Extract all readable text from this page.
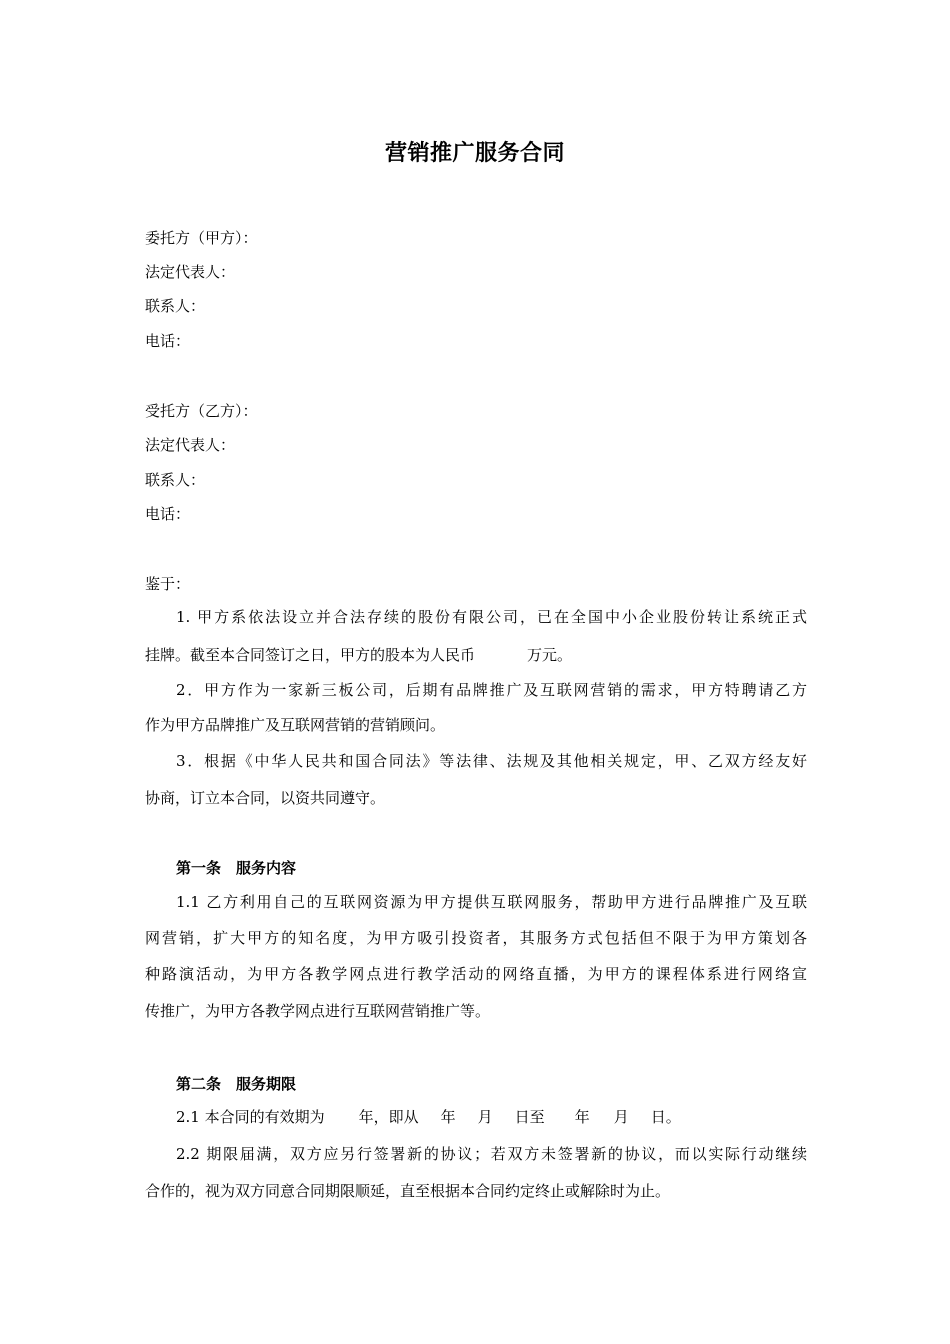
营销推广服务合同
委托方（甲方）：
法定代表人：
联系人：
电话：
受托方（乙方）：
法定代表人：
联系人：
电话：
鉴于：
1. 甲方系依法设立并合法存续的股份有限公司，已在全国中小企业股份转让系统正式
挂牌。截至本合同签订之日，甲方的股本为人民币	万元。
2．甲方作为一家新三板公司，后期有品牌推广及互联网营销的需求，甲方特聘请乙方
作为甲方品牌推广及互联网营销的营销顾问。
3．根据《中华人民共和国合同法》等法律、法规及其他相关规定，甲、乙双方经友好
协商，订立本合同，以资共同遵守。
第一条　服务内容
1.1 乙方利用自己的互联网资源为甲方提供互联网服务，帮助甲方进行品牌推广及互联
网营销，扩大甲方的知名度，为甲方吸引投资者，其服务方式包括但不限于为甲方策划各
种路演活动，为甲方各教学网点进行教学活动的网络直播，为甲方的课程体系进行网络宣
传推广，为甲方各教学网点进行互联网营销推广等。
第二条　服务期限
2.1 本合同的有效期为 年，即从 年 月 日至 年 月 日。
2.2 期限届满，双方应另行签署新的协议；若双方未签署新的协议，而以实际行动继续
合作的，视为双方同意合同期限顺延，直至根据本合同约定终止或解除时为止。
